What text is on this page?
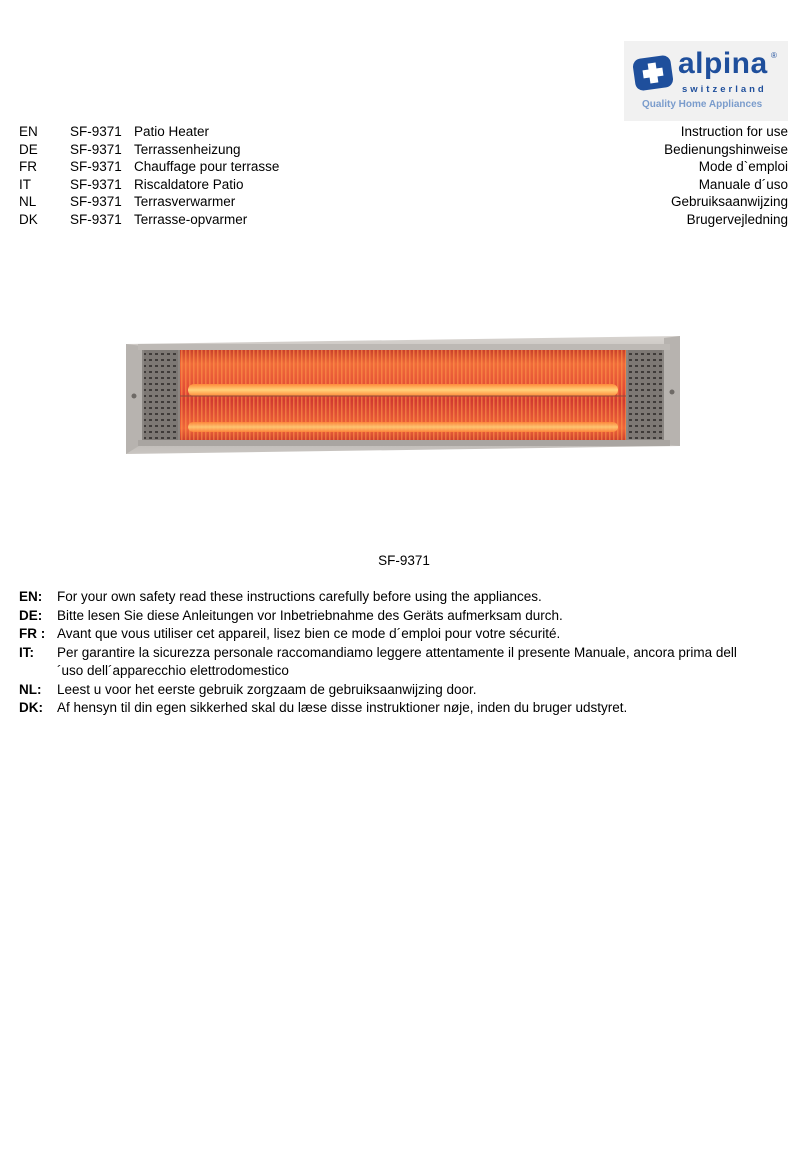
alpina ®
switzerland
Quality Home Appliances
EN SF-9371 Patio Heater	Instruction for use
DE SF-9371 Terrassenheizung	Bedienungshinweise
FR SF-9371 Chauffage pour terrasse	Mode d`emploi
IT	SF-9371 Riscaldatore Patio	Manuale d´uso
NL SF-9371 Terrasverwarmer	Gebruiksaanwijzing
DK SF-9371 Terrasse-opvarmer	Brugervejledning
SF-9371
EN: For your own safety read these instructions carefully before using the appliances.
DE: Bitte lesen Sie diese Anleitungen vor Inbetriebnahme des Geräts aufmerksam durch.
FR : Avant que vous utiliser cet appareil, lisez bien ce mode d´emploi pour votre sécurité.
IT: Per garantire la sicurezza personale raccomandiamo leggere attentamente il presente Manuale, ancora prima dell´uso dell´apparecchio elettrodomestico
NL: Leest u voor het eerste gebruik zorgzaam de gebruiksaanwijzing door.
DK: Af hensyn til din egen sikkerhed skal du læse disse instruktioner nøje, inden du bruger udstyret.
